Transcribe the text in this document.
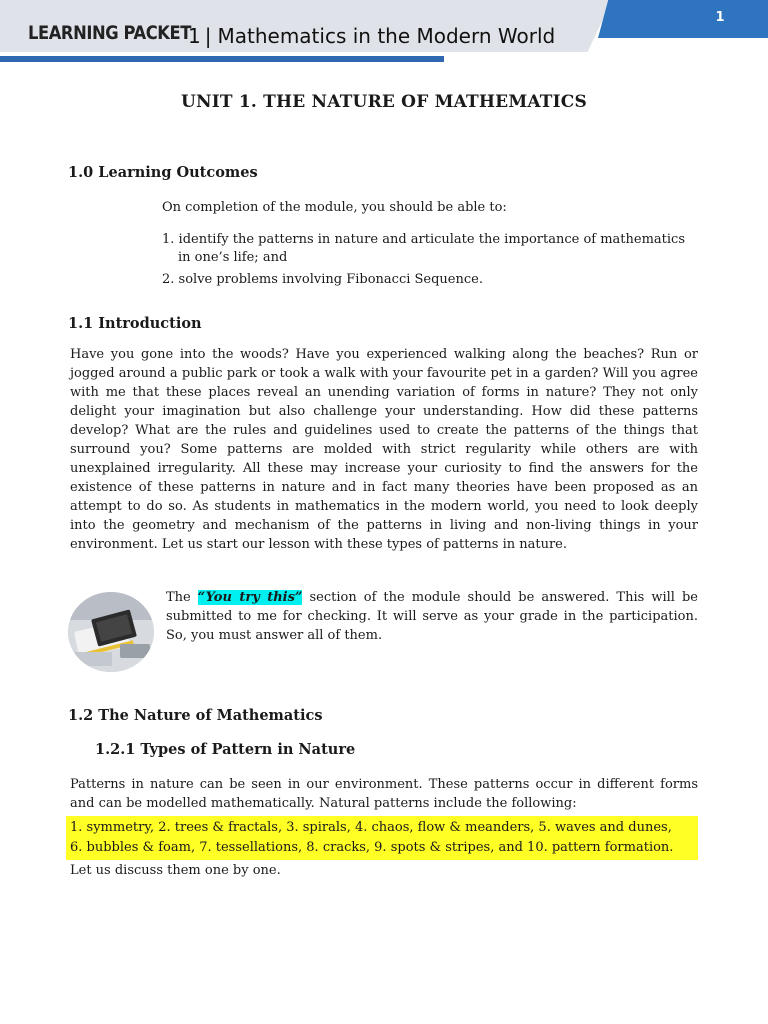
LEARNING PACKET
1 | Mathematics in the Modern World
1
UNIT 1. THE NATURE OF MATHEMATICS
1.0 Learning Outcomes
On completion of the module, you should be able to:
1. identify the patterns in nature and articulate the importance of mathematics
in one’s life; and
2. solve problems involving Fibonacci Sequence.
1.1 Introduction
Have you gone into the woods? Have you experienced walking along the beaches? Run or jogged around a public park or took a walk with your favourite pet in a garden? Will you agree with me that these places reveal an unending variation of forms in nature? They not only delight your imagination but also challenge your understanding. How did these patterns develop? What are the rules and guidelines used to create the patterns of the things that surround you? Some patterns are molded with strict regularity while others are with unexplained irregularity. All these may increase your curiosity to find the answers for the existence of these patterns in nature and in fact many theories have been proposed as an attempt to do so. As students in mathematics in the modern world, you need to look deeply into the geometry and mechanism of the patterns in living and non-living things in your environment. Let us start our lesson with these types of patterns in nature.
The “You try this” section of the module should be answered. This will be submitted to me for checking. It will serve as your grade in the participation. So, you must answer all of them.
1.2 The Nature of Mathematics
1.2.1 Types of Pattern in Nature
Patterns in nature can be seen in our environment. These patterns occur in different forms and can be modelled mathematically. Natural patterns include the following:
1. symmetry, 2. trees & fractals, 3. spirals, 4. chaos, flow & meanders, 5. waves and dunes,
6. bubbles & foam, 7. tessellations, 8. cracks, 9. spots & stripes, and 10. pattern formation.
Let us discuss them one by one.
